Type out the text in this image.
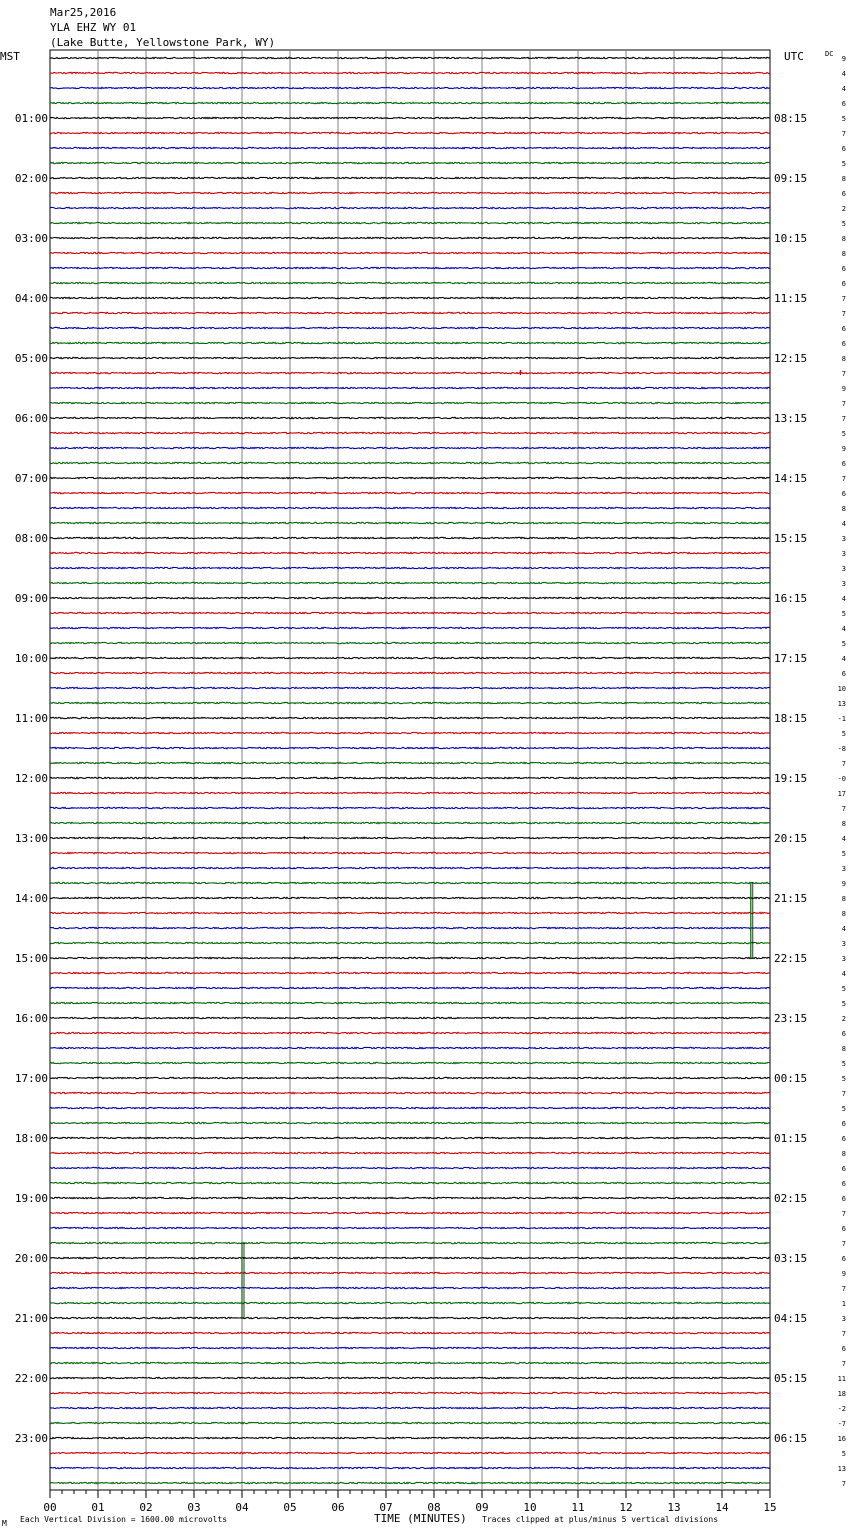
Mar25,2016
YLA EHZ WY 01
(Lake Butte, Yellowstone Park, WY)
MST	UTC	DC
01:00
02:00
03:00
04:00
05:00
06:00
07:00
08:00
09:00
10:00
11:00
12:00
13:00
14:00
15:00
16:00
17:00
18:00
19:00
20:00
21:00
22:00
23:00
08:15
09:15
10:15
11:15
12:15
13:15
14:15
15:15
16:15
17:15
18:15
19:15
20:15
21:15
22:15
23:15
00:15
01:15
02:15
03:15
04:15
05:15
06:15
9
4
4
6
5
7
6
5
8
6
2
5
8
8
6
6
7
7
6
6
8
7
9
7
7
5
9
6
7
6
8
4
3
3
3
3
4
5
4
5
4
6
10
13
-1
5
-8
7
-0
17
7
8
4
5
3
9
8
8
4
3
3
4
5
5
2
6
8
5
5
7
5
6
6
8
6
6
6
7
6
7
6
9
7
1
3
7
6
7
11
18
-2
-7
16
5
13
7
00	01	02	03	04	05	06	07	08	09	10	11	12	13	14	15
M Each Vertical Division = 1600.00 microvolts	TIME (MINUTES) Traces clipped at plus/minus 5 vertical divisions
